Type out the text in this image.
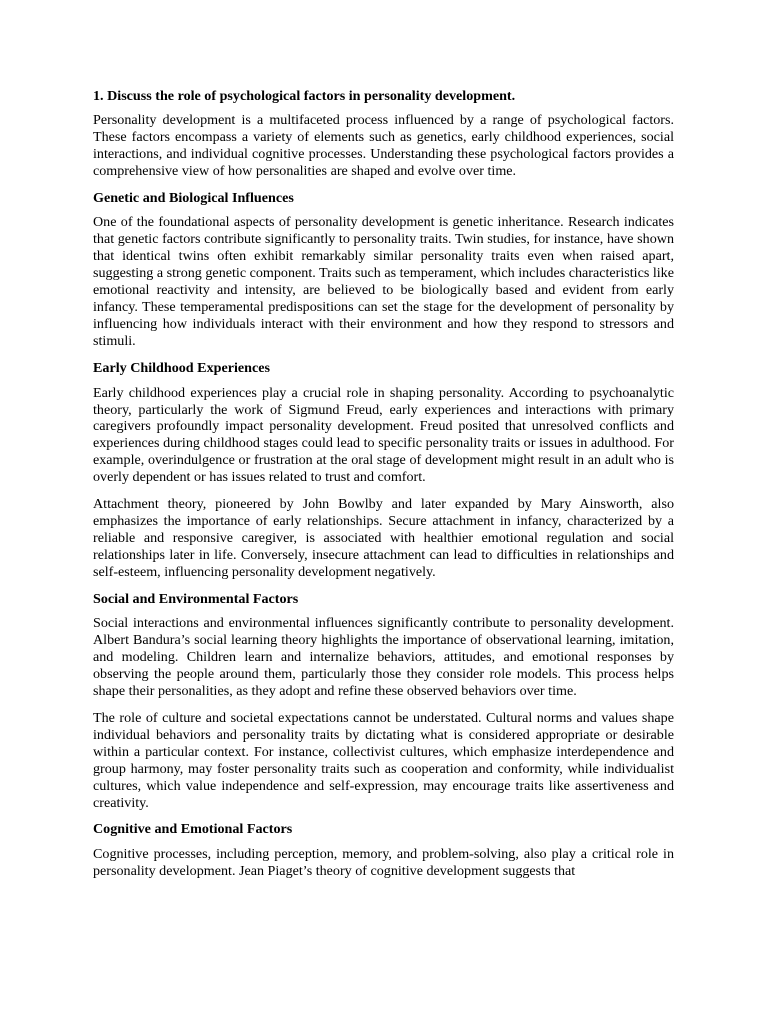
1. Discuss the role of psychological factors in personality development.

Personality development is a multifaceted process influenced by a range of psychological factors. These factors encompass a variety of elements such as genetics, early childhood experiences, social interactions, and individual cognitive processes. Understanding these psychological factors provides a comprehensive view of how personalities are shaped and evolve over time.

Genetic and Biological Influences

One of the foundational aspects of personality development is genetic inheritance. Research indicates that genetic factors contribute significantly to personality traits. Twin studies, for instance, have shown that identical twins often exhibit remarkably similar personality traits even when raised apart, suggesting a strong genetic component. Traits such as temperament, which includes characteristics like emotional reactivity and intensity, are believed to be biologically based and evident from early infancy. These temperamental predispositions can set the stage for the development of personality by influencing how individuals interact with their environment and how they respond to stressors and stimuli.

Early Childhood Experiences

Early childhood experiences play a crucial role in shaping personality. According to psychoanalytic theory, particularly the work of Sigmund Freud, early experiences and interactions with primary caregivers profoundly impact personality development. Freud posited that unresolved conflicts and experiences during childhood stages could lead to specific personality traits or issues in adulthood. For example, overindulgence or frustration at the oral stage of development might result in an adult who is overly dependent or has issues related to trust and comfort.

Attachment theory, pioneered by John Bowlby and later expanded by Mary Ainsworth, also emphasizes the importance of early relationships. Secure attachment in infancy, characterized by a reliable and responsive caregiver, is associated with healthier emotional regulation and social relationships later in life. Conversely, insecure attachment can lead to difficulties in relationships and self-esteem, influencing personality development negatively.

Social and Environmental Factors

Social interactions and environmental influences significantly contribute to personality development. Albert Bandura’s social learning theory highlights the importance of observational learning, imitation, and modeling. Children learn and internalize behaviors, attitudes, and emotional responses by observing the people around them, particularly those they consider role models. This process helps shape their personalities, as they adopt and refine these observed behaviors over time.

The role of culture and societal expectations cannot be understated. Cultural norms and values shape individual behaviors and personality traits by dictating what is considered appropriate or desirable within a particular context. For instance, collectivist cultures, which emphasize interdependence and group harmony, may foster personality traits such as cooperation and conformity, while individualist cultures, which value independence and self-expression, may encourage traits like assertiveness and creativity.

Cognitive and Emotional Factors

Cognitive processes, including perception, memory, and problem-solving, also play a critical role in personality development. Jean Piaget’s theory of cognitive development suggests that
